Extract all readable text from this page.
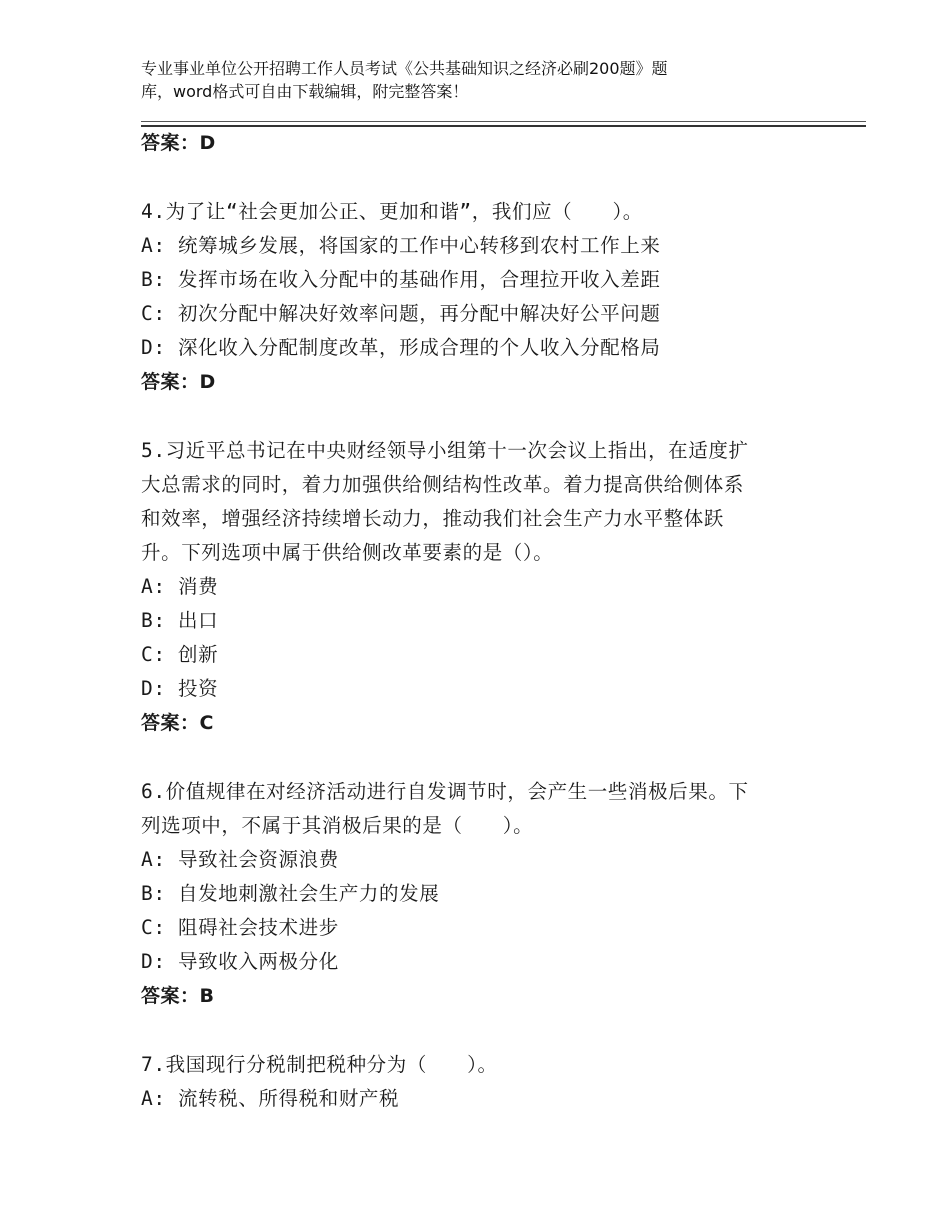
专业事业单位公开招聘工作人员考试《公共基础知识之经济必刷200题》题
库，word格式可自由下载编辑，附完整答案！
答案：D
4.为了让“社会更加公正、更加和谐”，我们应（　　）。
A: 统筹城乡发展，将国家的工作中心转移到农村工作上来
B: 发挥市场在收入分配中的基础作用，合理拉开收入差距
C: 初次分配中解决好效率问题，再分配中解决好公平问题
D: 深化收入分配制度改革，形成合理的个人收入分配格局
答案：D
5.习近平总书记在中央财经领导小组第十一次会议上指出，在适度扩
大总需求的同时，着力加强供给侧结构性改革。着力提高供给侧体系
和效率，增强经济持续增长动力，推动我们社会生产力水平整体跃
升。下列选项中属于供给侧改革要素的是（）。
A: 消费
B: 出口
C: 创新
D: 投资
答案：C
6.价值规律在对经济活动进行自发调节时，会产生一些消极后果。下
列选项中，不属于其消极后果的是（　　）。
A: 导致社会资源浪费
B: 自发地刺激社会生产力的发展
C: 阻碍社会技术进步
D: 导致收入两极分化
答案：B
7.我国现行分税制把税种分为（　　）。
A: 流转税、所得税和财产税
